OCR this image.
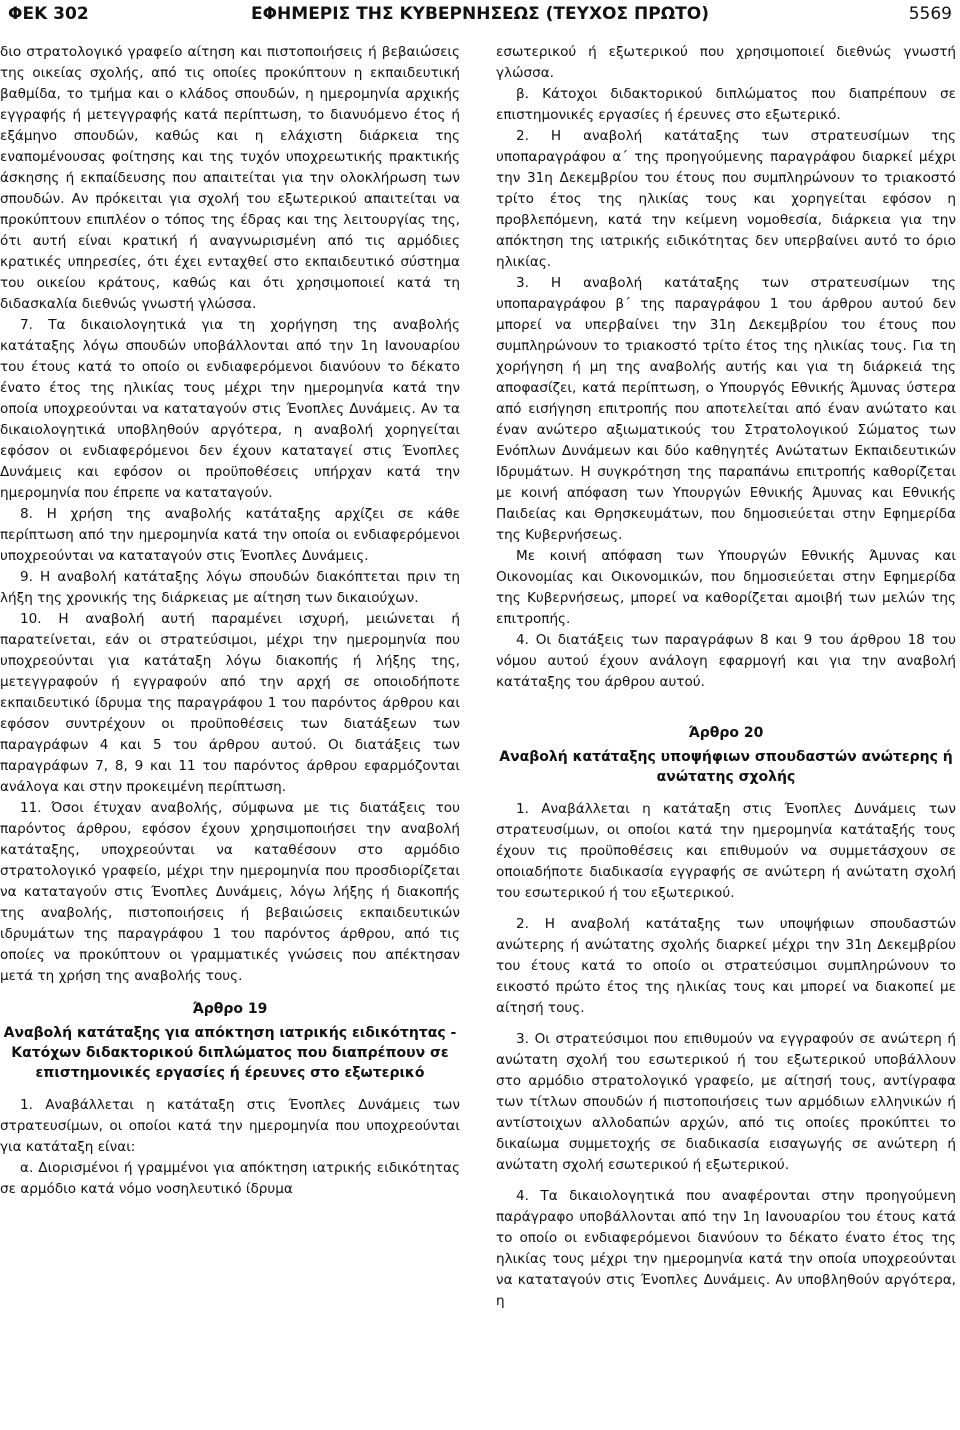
ΦΕΚ 302	ΕΦΗΜΕΡΙΣ ΤΗΣ ΚΥΒΕΡΝΗΣΕΩΣ (ΤΕΥΧΟΣ ΠΡΩΤΟ)	5569

διο στρατολογικό γραφείο αίτηση και πιστοποιήσεις ή βεβαιώσεις της οικείας σχολής, από τις οποίες προκύπτουν η εκπαιδευτική βαθμίδα, το τμήμα και ο κλάδος σπουδών, η ημερομηνία αρχικής εγγραφής ή μετεγγραφής κατά περίπτωση, το διανυόμενο έτος ή εξάμηνο σπουδών, καθώς και η ελάχιστη διάρκεια της εναπομένουσας φοίτησης και της τυχόν υποχρεωτικής πρακτικής άσκησης ή εκπαίδευσης που απαιτείται για την ολοκλήρωση των σπουδών. Αν πρόκειται για σχολή του εξωτερικού απαιτείται να προκύπτουν επιπλέον ο τόπος της έδρας και της λειτουργίας της, ότι αυτή είναι κρατική ή αναγνωρισμένη από τις αρμόδιες κρατικές υπηρεσίες, ότι έχει ενταχθεί στο εκπαιδευτικό σύστημα του οικείου κράτους, καθώς και ότι χρησιμοποιεί κατά τη διδασκαλία διεθνώς γνωστή γλώσσα.

7. Τα δικαιολογητικά για τη χορήγηση της αναβολής κατάταξης λόγω σπουδών υποβάλλονται από την 1η Ιανουαρίου του έτους κατά το οποίο οι ενδιαφερόμενοι διανύουν το δέκατο ένατο έτος της ηλικίας τους μέχρι την ημερομηνία κατά την οποία υποχρεούνται να καταταγούν στις Ένοπλες Δυνάμεις. Αν τα δικαιολογητικά υποβληθούν αργότερα, η αναβολή χορηγείται εφόσον οι ενδιαφερόμενοι δεν έχουν καταταγεί στις Ένοπλες Δυνάμεις και εφόσον οι προϋποθέσεις υπήρχαν κατά την ημερομηνία που έπρεπε να καταταγούν.

8. Η χρήση της αναβολής κατάταξης αρχίζει σε κάθε περίπτωση από την ημερομηνία κατά την οποία οι ενδιαφερόμενοι υποχρεούνται να καταταγούν στις Ένοπλες Δυνάμεις.

9. Η αναβολή κατάταξης λόγω σπουδών διακόπτεται πριν τη λήξη της χρονικής της διάρκειας με αίτηση των δικαιούχων.

10. Η αναβολή αυτή παραμένει ισχυρή, μειώνεται ή παρατείνεται, εάν οι στρατεύσιμοι, μέχρι την ημερομηνία που υποχρεούνται για κατάταξη λόγω διακοπής ή λήξης της, μετεγγραφούν ή εγγραφούν από την αρχή σε οποιοδήποτε εκπαιδευτικό ίδρυμα της παραγράφου 1 του παρόντος άρθρου και εφόσον συντρέχουν οι προϋποθέσεις των διατάξεων των παραγράφων 4 και 5 του άρθρου αυτού. Οι διατάξεις των παραγράφων 7, 8, 9 και 11 του παρόντος άρθρου εφαρμόζονται ανάλογα και στην προκειμένη περίπτωση.

11. Όσοι έτυχαν αναβολής, σύμφωνα με τις διατάξεις του παρόντος άρθρου, εφόσον έχουν χρησιμοποιήσει την αναβολή κατάταξης, υποχρεούνται να καταθέσουν στο αρμόδιο στρατολογικό γραφείο, μέχρι την ημερομηνία που προσδιορίζεται να καταταγούν στις Ένοπλες Δυνάμεις, λόγω λήξης ή διακοπής της αναβολής, πιστοποιήσεις ή βεβαιώσεις εκπαιδευτικών ιδρυμάτων της παραγράφου 1 του παρόντος άρθρου, από τις οποίες να προκύπτουν οι γραμματικές γνώσεις που απέκτησαν μετά τη χρήση της αναβολής τους.

Άρθρο 19
Αναβολή κατάταξης για απόκτηση ιατρικής ειδικότητας - Κατόχων διδακτορικού διπλώματος που διαπρέπουν σε επιστημονικές εργασίες ή έρευνες στο εξωτερικό

1. Αναβάλλεται η κατάταξη στις Ένοπλες Δυνάμεις των στρατευσίμων, οι οποίοι κατά την ημερομηνία που υποχρεούνται για κατάταξη είναι:

α. Διορισμένοι ή γραμμένοι για απόκτηση ιατρικής ειδικότητας σε αρμόδιο κατά νόμο νοσηλευτικό ίδρυμα

εσωτερικού ή εξωτερικού που χρησιμοποιεί διεθνώς γνωστή γλώσσα.

β. Κάτοχοι διδακτορικού διπλώματος που διαπρέπουν σε επιστημονικές εργασίες ή έρευνες στο εξωτερικό.

2. Η αναβολή κατάταξης των στρατευσίμων της υποπαραγράφου α΄ της προηγούμενης παραγράφου διαρκεί μέχρι την 31η Δεκεμβρίου του έτους που συμπληρώνουν το τριακοστό τρίτο έτος της ηλικίας τους και χορηγείται εφόσον η προβλεπόμενη, κατά την κείμενη νομοθεσία, διάρκεια για την απόκτηση της ιατρικής ειδικότητας δεν υπερβαίνει αυτό το όριο ηλικίας.

3. Η αναβολή κατάταξης των στρατευσίμων της υποπαραγράφου β΄ της παραγράφου 1 του άρθρου αυτού δεν μπορεί να υπερβαίνει την 31η Δεκεμβρίου του έτους που συμπληρώνουν το τριακοστό τρίτο έτος της ηλικίας τους. Για τη χορήγηση ή μη της αναβολής αυτής και για τη διάρκειά της αποφασίζει, κατά περίπτωση, ο Υπουργός Εθνικής Άμυνας ύστερα από εισήγηση επιτροπής που αποτελείται από έναν ανώτατο και έναν ανώτερο αξιωματικούς του Στρατολογικού Σώματος των Ενόπλων Δυνάμεων και δύο καθηγητές Ανώτατων Εκπαιδευτικών Ιδρυμάτων. Η συγκρότηση της παραπάνω επιτροπής καθορίζεται με κοινή απόφαση των Υπουργών Εθνικής Άμυνας και Εθνικής Παιδείας και Θρησκευμάτων, που δημοσιεύεται στην Εφημερίδα της Κυβερνήσεως.

Με κοινή απόφαση των Υπουργών Εθνικής Άμυνας και Οικονομίας και Οικονομικών, που δημοσιεύεται στην Εφημερίδα της Κυβερνήσεως, μπορεί να καθορίζεται αμοιβή των μελών της επιτροπής.

4. Οι διατάξεις των παραγράφων 8 και 9 του άρθρου 18 του νόμου αυτού έχουν ανάλογη εφαρμογή και για την αναβολή κατάταξης του άρθρου αυτού.

Άρθρο 20
Αναβολή κατάταξης υποψήφιων σπουδαστών ανώτερης ή ανώτατης σχολής

1. Αναβάλλεται η κατάταξη στις Ένοπλες Δυνάμεις των στρατευσίμων, οι οποίοι κατά την ημερομηνία κατάταξής τους έχουν τις προϋποθέσεις και επιθυμούν να συμμετάσχουν σε οποιαδήποτε διαδικασία εγγραφής σε ανώτερη ή ανώτατη σχολή του εσωτερικού ή του εξωτερικού.

2. Η αναβολή κατάταξης των υποψήφιων σπουδαστών ανώτερης ή ανώτατης σχολής διαρκεί μέχρι την 31η Δεκεμβρίου του έτους κατά το οποίο οι στρατεύσιμοι συμπληρώνουν το εικοστό πρώτο έτος της ηλικίας τους και μπορεί να διακοπεί με αίτησή τους.

3. Οι στρατεύσιμοι που επιθυμούν να εγγραφούν σε ανώτερη ή ανώτατη σχολή του εσωτερικού ή του εξωτερικού υποβάλλουν στο αρμόδιο στρατολογικό γραφείο, με αίτησή τους, αντίγραφα των τίτλων σπουδών ή πιστοποιήσεις των αρμόδιων ελληνικών ή αντίστοιχων αλλοδαπών αρχών, από τις οποίες προκύπτει το δικαίωμα συμμετοχής σε διαδικασία εισαγωγής σε ανώτερη ή ανώτατη σχολή εσωτερικού ή εξωτερικού.

4. Τα δικαιολογητικά που αναφέρονται στην προηγούμενη παράγραφο υποβάλλονται από την 1η Ιανουαρίου του έτους κατά το οποίο οι ενδιαφερόμενοι διανύουν το δέκατο ένατο έτος της ηλικίας τους μέχρι την ημερομηνία κατά την οποία υποχρεούνται να καταταγούν στις Ένοπλες Δυνάμεις. Αν υποβληθούν αργότερα, η
